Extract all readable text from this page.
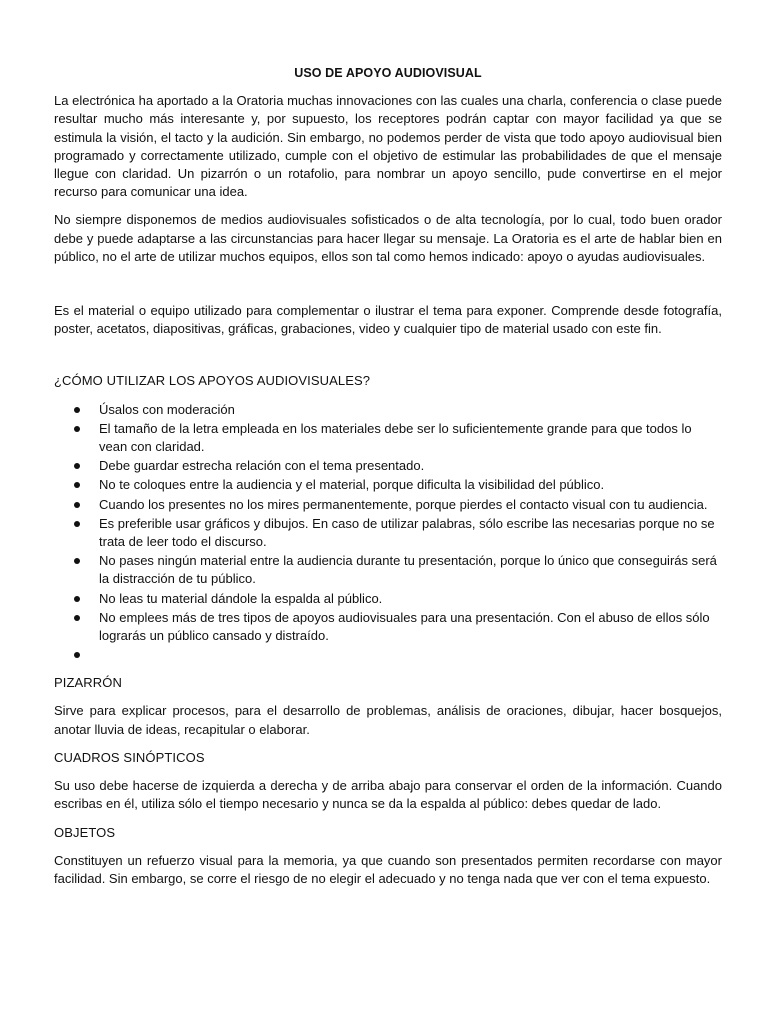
USO DE APOYO AUDIOVISUAL

La electrónica ha aportado a la Oratoria muchas innovaciones con las cuales una charla, conferencia o clase puede resultar mucho más interesante y, por supuesto, los receptores podrán captar con mayor facilidad ya que se estimula la visión, el tacto y la audición. Sin embargo, no podemos perder de vista que todo apoyo audiovisual bien programado y correctamente utilizado, cumple con el objetivo de estimular las probabilidades de que el mensaje llegue con claridad. Un pizarrón o un rotafolio, para nombrar un apoyo sencillo, pude convertirse en el mejor recurso para comunicar una idea.

No siempre disponemos de medios audiovisuales sofisticados o de alta tecnología, por lo cual, todo buen orador debe y puede adaptarse a las circunstancias para hacer llegar su mensaje. La Oratoria es el arte de hablar bien en público, no el arte de utilizar muchos equipos, ellos son tal como hemos indicado: apoyo o ayudas audiovisuales.

Es el material o equipo utilizado para complementar o ilustrar el tema para exponer. Comprende desde fotografía, poster, acetatos, diapositivas, gráficas, grabaciones, video y cualquier tipo de material usado con este fin.

¿CÓMO UTILIZAR LOS APOYOS AUDIOVISUALES?
Úsalos con moderación
El tamaño de la letra empleada en los materiales debe ser lo suficientemente grande para que todos lo vean con claridad.
Debe guardar estrecha relación con el tema presentado.
No te coloques entre la audiencia y el material, porque dificulta la visibilidad del público.
Cuando los presentes no los mires permanentemente, porque pierdes el contacto visual con tu audiencia.
Es preferible usar gráficos y dibujos. En caso de utilizar palabras, sólo escribe las necesarias porque no se trata de leer todo el discurso.
No pases ningún material entre la audiencia durante tu presentación, porque lo único que conseguirás será la distracción de tu público.
No leas tu material dándole la espalda al público.
No emplees más de tres tipos de apoyos audiovisuales para una presentación. Con el abuso de ellos sólo lograrás un público cansado y distraído.
PIZARRÓN

Sirve para explicar procesos, para el desarrollo de problemas, análisis de oraciones, dibujar, hacer bosquejos, anotar lluvia de ideas, recapitular o elaborar.

CUADROS SINÓPTICOS

Su uso debe hacerse de izquierda a derecha y de arriba abajo para conservar el orden de la información. Cuando escribas en él, utiliza sólo el tiempo necesario y nunca se da la espalda al público: debes quedar de lado.

OBJETOS

Constituyen un refuerzo visual para la memoria, ya que cuando son presentados permiten recordarse con mayor facilidad. Sin embargo, se corre el riesgo de no elegir el adecuado y no tenga nada que ver con el tema expuesto.
